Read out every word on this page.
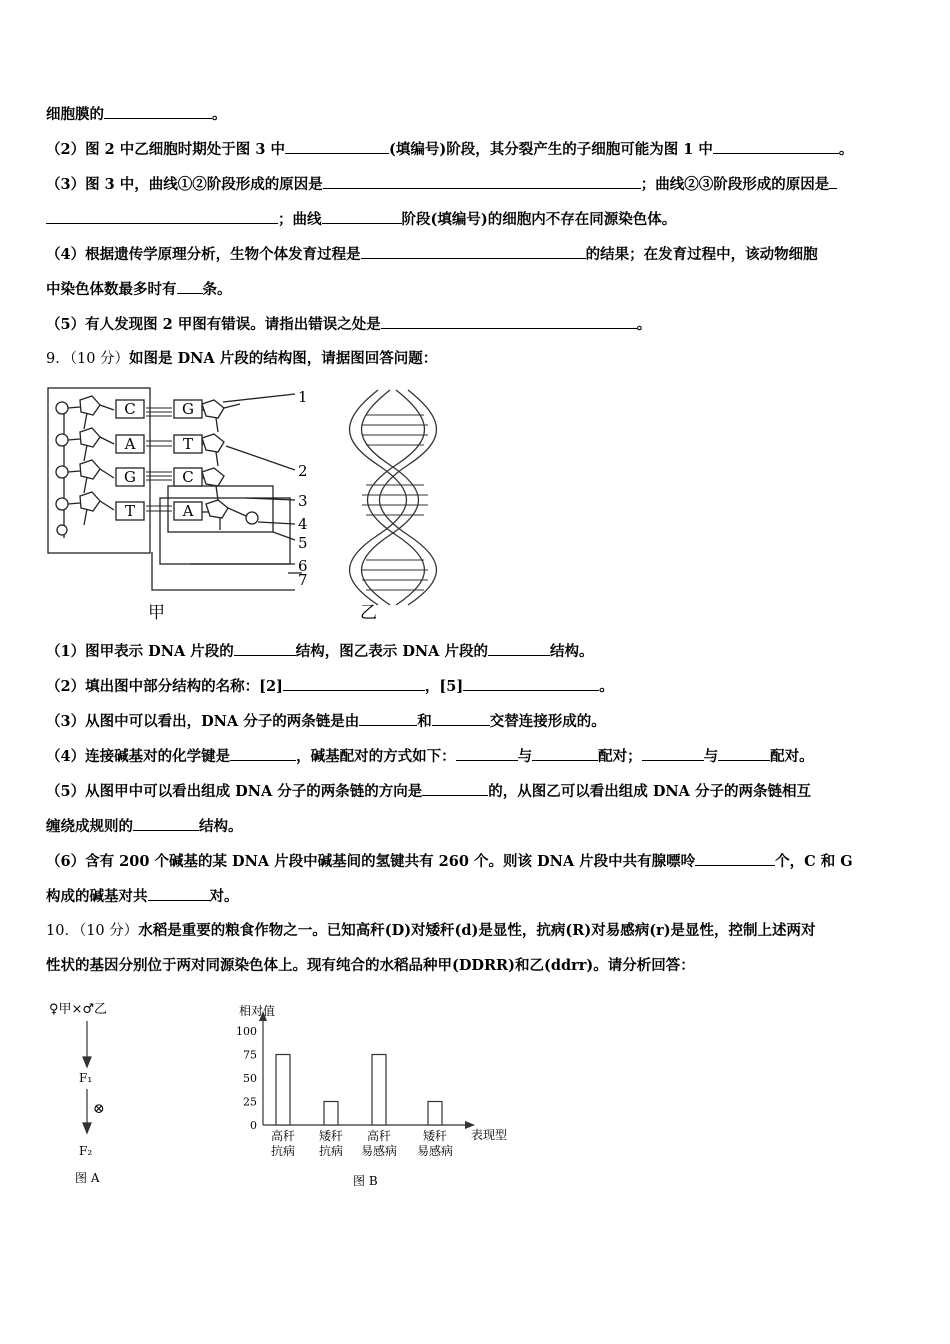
细胞膜的	。
（2）图 2 中乙细胞时期处于图 3 中	(填编号)阶段，其分裂产生的子细胞可能为图 1 中	。
（3）图 3 中，曲线①②阶段形成的原因是	；曲线②③阶段形成的原因是
；曲线	阶段(填编号)的细胞内不存在同源染色体。
（4）根据遗传学原理分析，生物个体发育过程是	的结果；在发育过程中，该动物细胞
中染色体数最多时有 条。
（5）有人发现图 2 甲图有错误。请指出错误之处是	。
9．（10 分）如图是 DNA 片段的结构图，请据图回答问题：
（1）图甲表示 DNA 片段的	结构，图乙表示 DNA 片段的	结构。
（2）填出图中部分结构的名称：[2]	，[5]	。
（3）从图中可以看出，DNA 分子的两条链是由	和	交替连接形成的。
（4）连接碱基对的化学键是	，碱基配对的方式如下：	与	配对；	与	配对。
（5）从图甲中可以看出组成 DNA 分子的两条链的方向是	的，从图乙可以看出组成 DNA 分子的两条链相互
缠绕成规则的	结构。
（6）含有 200 个碱基的某 DNA 片段中碱基间的氢键共有 260 个。则该 DNA 片段中共有腺嘌呤	个，C 和 G
构成的碱基对共	对。
10．（10 分）水稻是重要的粮食作物之一。已知高秆(D)对矮秆(d)是显性，抗病(R)对易感病(r)是显性，控制上述两对
性状的基因分别位于两对同源染色体上。现有纯合的水稻品种甲(DDRR)和乙(ddrr)。请分析回答：
C
A
G
T
G
T
C
A
1
2
3
4
5
6
7
甲	乙
♀甲×♂乙
F₁
⊗
F₂
图 A
相对值
100
75
50
25
0
高秆
抗病
矮秆
抗病
高秆
易感病
矮秆
易感病
表现型
图 B
